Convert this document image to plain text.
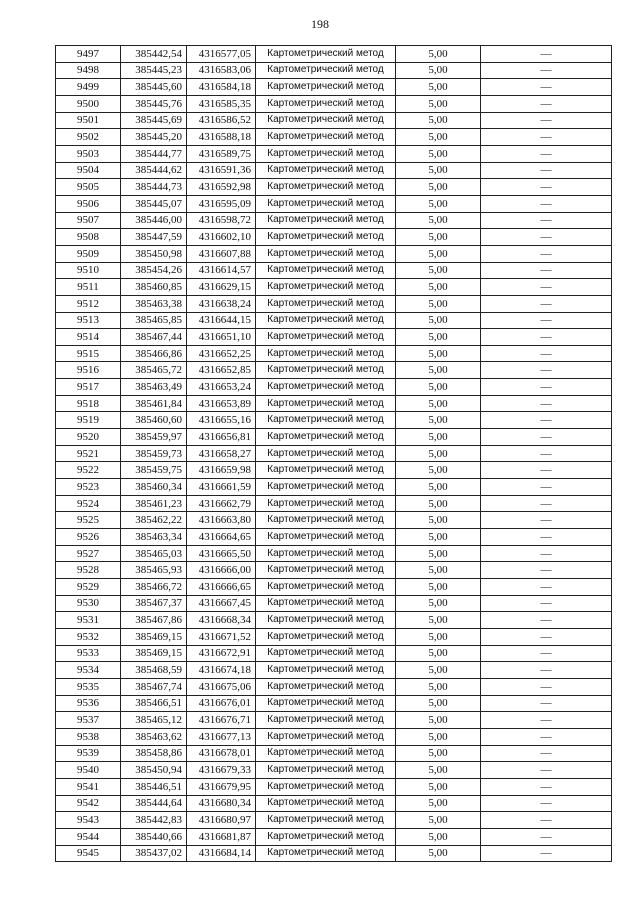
198
9497	385442,54	4316577,05	Картометрический метод	5,00	—
9498	385445,23	4316583,06	Картометрический метод	5,00	—
9499	385445,60	4316584,18	Картометрический метод	5,00	—
9500	385445,76	4316585,35	Картометрический метод	5,00	—
9501	385445,69	4316586,52	Картометрический метод	5,00	—
9502	385445,20	4316588,18	Картометрический метод	5,00	—
9503	385444,77	4316589,75	Картометрический метод	5,00	—
9504	385444,62	4316591,36	Картометрический метод	5,00	—
9505	385444,73	4316592,98	Картометрический метод	5,00	—
9506	385445,07	4316595,09	Картометрический метод	5,00	—
9507	385446,00	4316598,72	Картометрический метод	5,00	—
9508	385447,59	4316602,10	Картометрический метод	5,00	—
9509	385450,98	4316607,88	Картометрический метод	5,00	—
9510	385454,26	4316614,57	Картометрический метод	5,00	—
9511	385460,85	4316629,15	Картометрический метод	5,00	—
9512	385463,38	4316638,24	Картометрический метод	5,00	—
9513	385465,85	4316644,15	Картометрический метод	5,00	—
9514	385467,44	4316651,10	Картометрический метод	5,00	—
9515	385466,86	4316652,25	Картометрический метод	5,00	—
9516	385465,72	4316652,85	Картометрический метод	5,00	—
9517	385463,49	4316653,24	Картометрический метод	5,00	—
9518	385461,84	4316653,89	Картометрический метод	5,00	—
9519	385460,60	4316655,16	Картометрический метод	5,00	—
9520	385459,97	4316656,81	Картометрический метод	5,00	—
9521	385459,73	4316658,27	Картометрический метод	5,00	—
9522	385459,75	4316659,98	Картометрический метод	5,00	—
9523	385460,34	4316661,59	Картометрический метод	5,00	—
9524	385461,23	4316662,79	Картометрический метод	5,00	—
9525	385462,22	4316663,80	Картометрический метод	5,00	—
9526	385463,34	4316664,65	Картометрический метод	5,00	—
9527	385465,03	4316665,50	Картометрический метод	5,00	—
9528	385465,93	4316666,00	Картометрический метод	5,00	—
9529	385466,72	4316666,65	Картометрический метод	5,00	—
9530	385467,37	4316667,45	Картометрический метод	5,00	—
9531	385467,86	4316668,34	Картометрический метод	5,00	—
9532	385469,15	4316671,52	Картометрический метод	5,00	—
9533	385469,15	4316672,91	Картометрический метод	5,00	—
9534	385468,59	4316674,18	Картометрический метод	5,00	—
9535	385467,74	4316675,06	Картометрический метод	5,00	—
9536	385466,51	4316676,01	Картометрический метод	5,00	—
9537	385465,12	4316676,71	Картометрический метод	5,00	—
9538	385463,62	4316677,13	Картометрический метод	5,00	—
9539	385458,86	4316678,01	Картометрический метод	5,00	—
9540	385450,94	4316679,33	Картометрический метод	5,00	—
9541	385446,51	4316679,95	Картометрический метод	5,00	—
9542	385444,64	4316680,34	Картометрический метод	5,00	—
9543	385442,83	4316680,97	Картометрический метод	5,00	—
9544	385440,66	4316681,87	Картометрический метод	5,00	—
9545	385437,02	4316684,14	Картометрический метод	5,00	—
